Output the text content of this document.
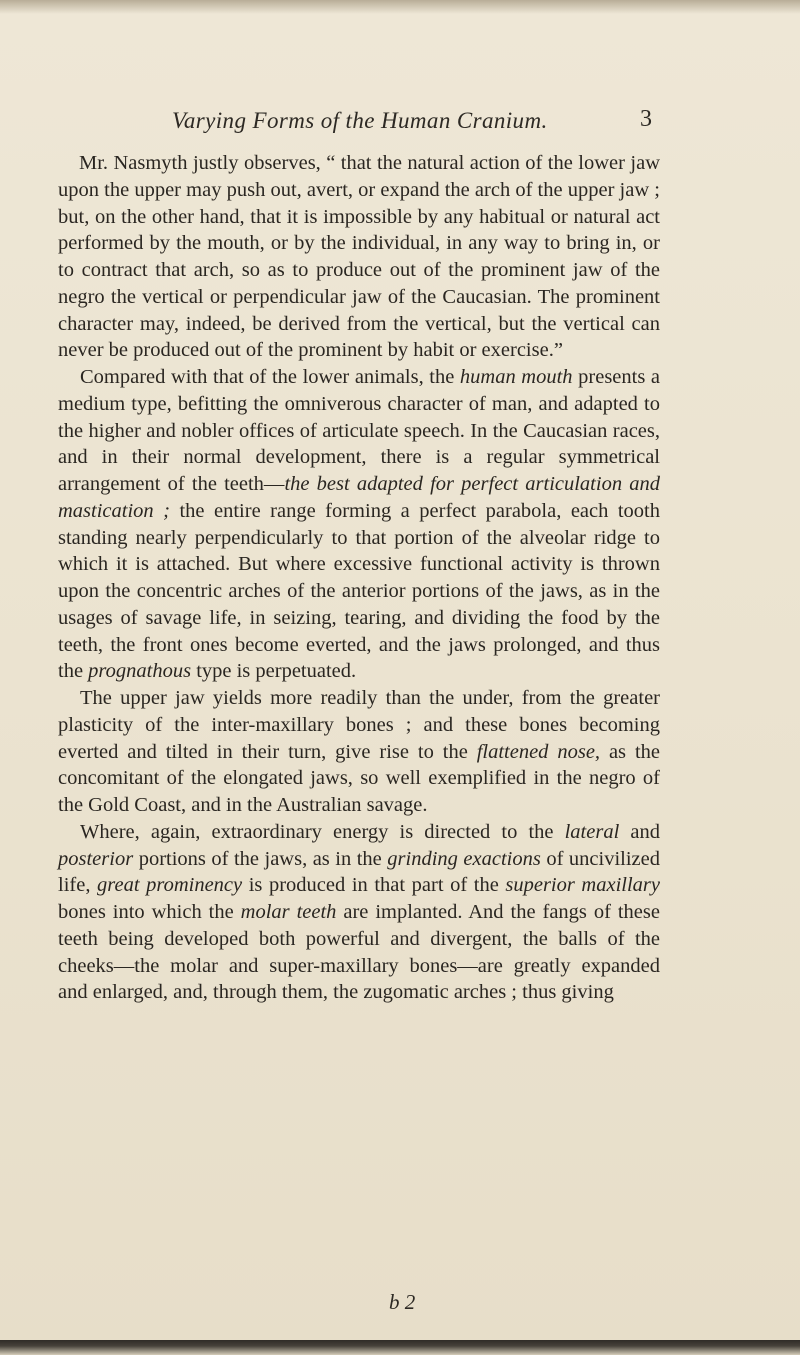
Varying Forms of the Human Cranium.	3

Mr. Nasmyth justly observes, “ that the natural action of the lower jaw upon the upper may push out, avert, or expand the arch of the upper jaw ; but, on the other hand, that it is impossible by any habitual or natural act performed by the mouth, or by the individual, in any way to bring in, or to contract that arch, so as to produce out of the prominent jaw of the negro the vertical or perpendicular jaw of the Caucasian. The prominent character may, indeed, be derived from the vertical, but the vertical can never be produced out of the prominent by habit or exercise.”

Compared with that of the lower animals, the human mouth presents a medium type, befitting the omniverous character of man, and adapted to the higher and nobler offices of articulate speech. In the Caucasian races, and in their normal development, there is a regular symmetrical arrangement of the teeth—the best adapted for perfect articulation and mastication ; the entire range forming a perfect parabola, each tooth standing nearly perpendicularly to that portion of the alveolar ridge to which it is attached. But where excessive functional activity is thrown upon the concentric arches of the anterior portions of the jaws, as in the usages of savage life, in seizing, tearing, and dividing the food by the teeth, the front ones become everted, and the jaws prolonged, and thus the prognathous type is perpetuated.

The upper jaw yields more readily than the under, from the greater plasticity of the inter-maxillary bones ; and these bones becoming everted and tilted in their turn, give rise to the flattened nose, as the concomitant of the elongated jaws, so well exemplified in the negro of the Gold Coast, and in the Australian savage.

Where, again, extraordinary energy is directed to the lateral and posterior portions of the jaws, as in the grinding exactions of uncivilized life, great prominency is produced in that part of the superior maxillary bones into which the molar teeth are implanted. And the fangs of these teeth being developed both powerful and divergent, the balls of the cheeks—the molar and super-maxillary bones—are greatly expanded and enlarged, and, through them, the zugomatic arches ; thus giving

b 2
